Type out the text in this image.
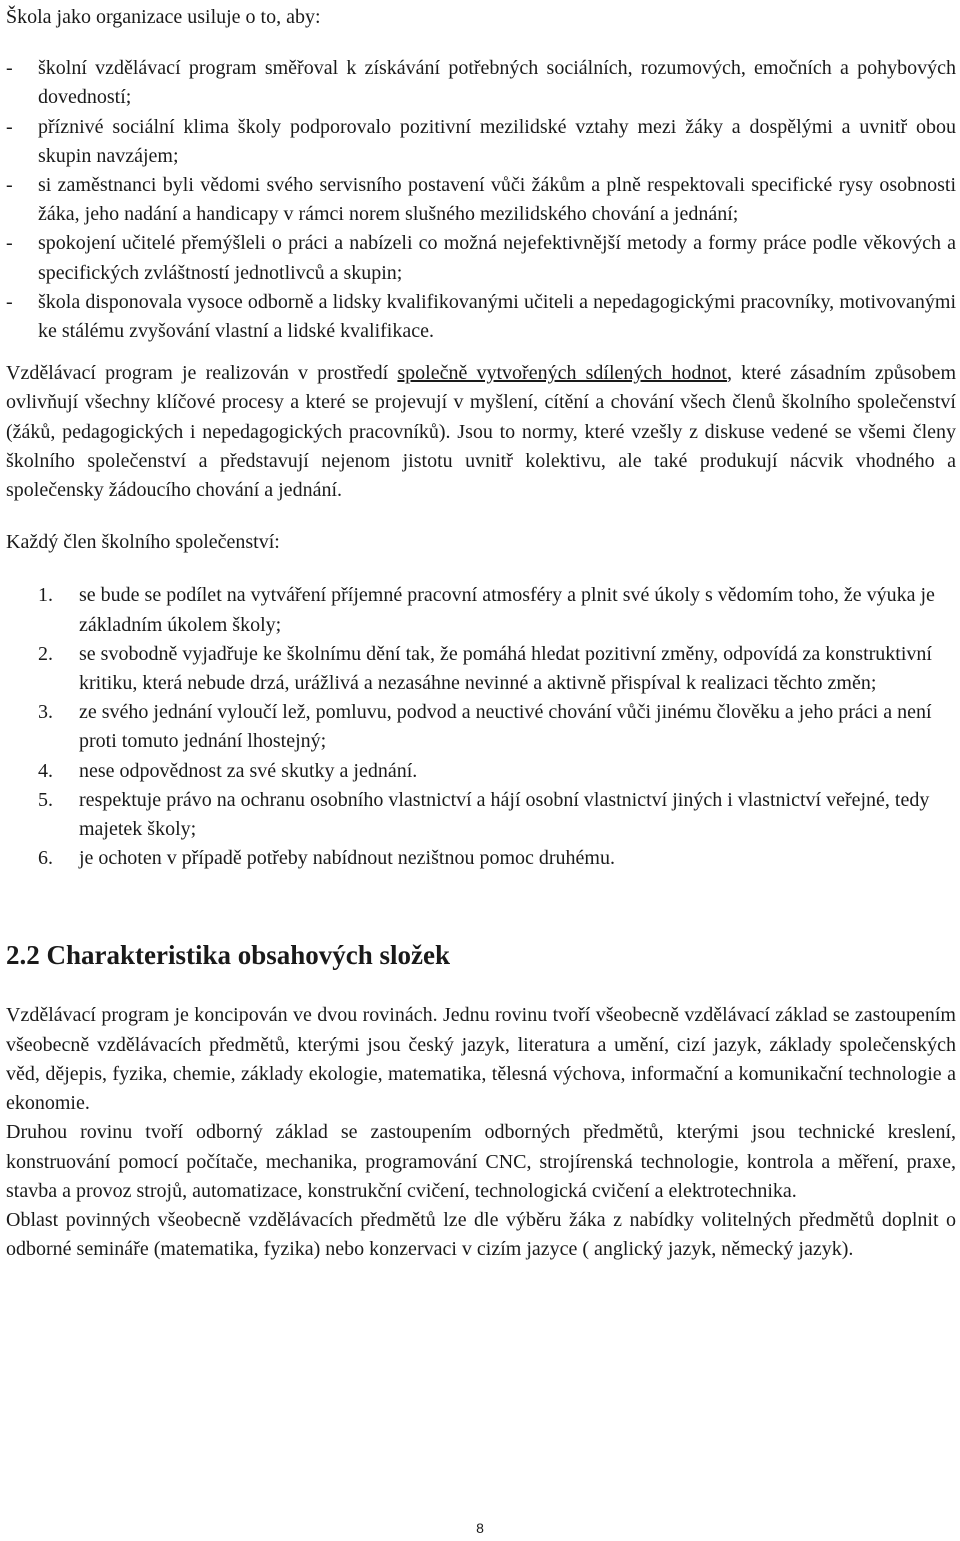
Škola jako organizace usiluje o to, aby:

- školní vzdělávací program směřoval k získávání potřebných sociálních, rozumových, emočních a pohybových dovedností;
- příznivé sociální klima školy podporovalo pozitivní mezilidské vztahy mezi žáky a dospělými a uvnitř obou skupin navzájem;
- si zaměstnanci byli vědomi svého servisního postavení vůči žákům a plně respektovali specifické rysy osobnosti žáka, jeho nadání a handicapy v rámci norem slušného mezilidského chování a jednání;
- spokojení učitelé přemýšleli o práci a nabízeli co možná nejefektivnější metody a formy práce podle věkových a specifických zvláštností jednotlivců a skupin;
- škola disponovala vysoce odborně a lidsky kvalifikovanými učiteli a nepedagogickými pracovníky, motivovanými ke stálému zvyšování vlastní a lidské kvalifikace.

Vzdělávací program je realizován v prostředí společně vytvořených sdílených hodnot, které zásadním způsobem ovlivňují všechny klíčové procesy a které se projevují v myšlení, cítění a chování všech členů školního společenství (žáků, pedagogických i nepedagogických pracovníků). Jsou to normy, které vzešly z diskuse vedené se všemi členy školního společenství a představují nejenom jistotu uvnitř kolektivu, ale také produkují nácvik vhodného a společensky žádoucího chování a jednání.

Každý člen školního společenství:

1. se bude se podílet na vytváření příjemné pracovní atmosféry a plnit své úkoly s vědomím toho, že výuka je základním úkolem školy;
2. se svobodně vyjadřuje ke školnímu dění tak, že pomáhá hledat pozitivní změny, odpovídá za konstruktivní kritiku, která nebude drzá, urážlivá a nezasáhne nevinné a aktivně přispíval k realizaci těchto změn;
3. ze svého jednání vyloučí lež, pomluvu, podvod a neuctivé chování vůči jinému člověku a jeho práci a není proti tomuto jednání lhostejný;
4. nese odpovědnost za své skutky a jednání.
5. respektuje právo na ochranu osobního vlastnictví a hájí osobní vlastnictví jiných i vlastnictví veřejné, tedy majetek školy;
6. je ochoten v případě potřeby nabídnout nezištnou pomoc druhému.
2.2 Charakteristika obsahových složek

Vzdělávací program je koncipován ve dvou rovinách. Jednu rovinu tvoří všeobecně vzdělávací základ se zastoupením všeobecně vzdělávacích předmětů, kterými jsou český jazyk, literatura a umění, cizí jazyk, základy společenských věd, dějepis, fyzika, chemie, základy ekologie, matematika, tělesná výchova, informační a komunikační technologie a ekonomie.

Druhou rovinu tvoří odborný základ se zastoupením odborných předmětů, kterými jsou technické kreslení, konstruování pomocí počítače, mechanika, programování CNC, strojírenská technologie, kontrola a měření, praxe, stavba a provoz strojů, automatizace, konstrukční cvičení, technologická cvičení a elektrotechnika.

Oblast povinných všeobecně vzdělávacích předmětů lze dle výběru žáka z nabídky volitelných předmětů doplnit o odborné semináře (matematika, fyzika) nebo konzervaci v cizím jazyce ( anglický jazyk, německý jazyk).

8
